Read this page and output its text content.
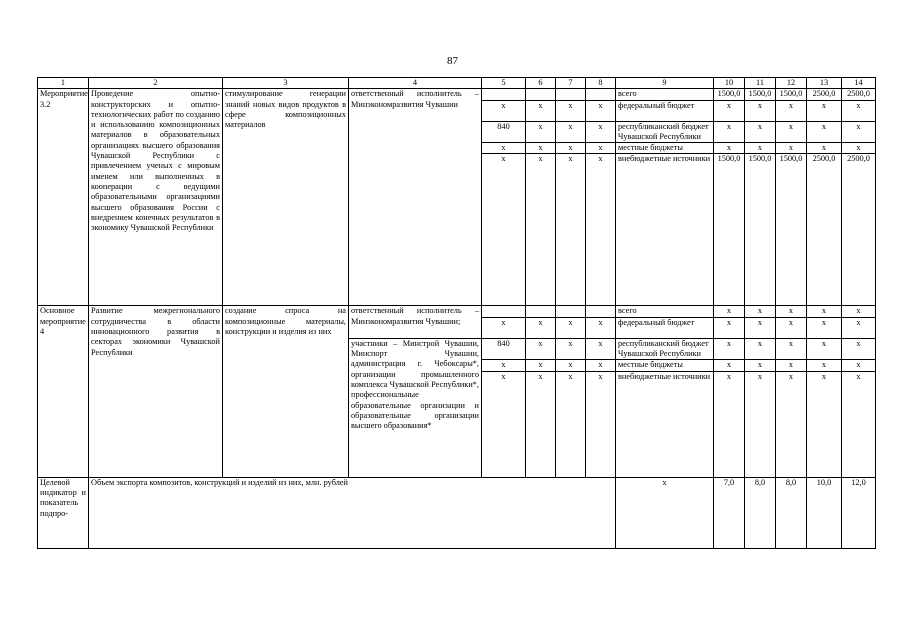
87
1	2	3	4	5	6	7	8	9	10	11	12	13	14
Мероприятие 3.2	Проведение опытно-конструкторских и опытно-технологических работ по созданию и использованию композиционных материалов в образовательных организациях высшего образования Чувашской Республики с привлечением ученых с мировым именем или выполненных в кооперации с ведущими образовательными организациями высшего образования России с внедрением конечных результатов в экономику Чувашской Республики	стимулирование генерации знаний новых видов продуктов в сфере композиционных материалов	ответственный исполнитель – Минэкономразвития Чувашии					всего	1500,0	1500,0	1500,0	2500,0	2500,0
				x	x	x	x	федеральный бюджет	x	x	x	x	x
				840	x	x	x	республиканский бюджет Чувашской Республики	x	x	x	x	x
				x	x	x	x	местные бюджеты	x	x	x	x	x
				x	x	x	x	внебюджетные источники	1500,0	1500,0	1500,0	2500,0	2500,0
Основное мероприятие 4	Развитие межрегионального сотрудничества в области инновационного развития в секторах экономики Чувашской Республики	создание спроса на композиционные материалы, конструкции и изделия из них	ответственный исполнитель – Минэкономразвития Чувашии;					всего	x	x	x	x	x
				x	x	x	x	федеральный бюджет	x	x	x	x	x
			участники – Минстрой Чувашии, Минспорт Чувашии, администрация г. Чебоксары*, организации промышленного комплекса Чувашской Республики*, профессиональные образовательные организации и образовательные организации высшего образования*	840	x	x	x	республиканский бюджет Чувашской Республики	x	x	x	x	x
				x	x	x	x	местные бюджеты	x	x	x	x	x
				x	x	x	x	внебюджетные источники	x	x	x	x	x
Целевой индикатор и показатель подпро-	Объем экспорта композитов, конструкций и изделий из них, млн. рублей							x	7,0	8,0	8,0	10,0	12,0
